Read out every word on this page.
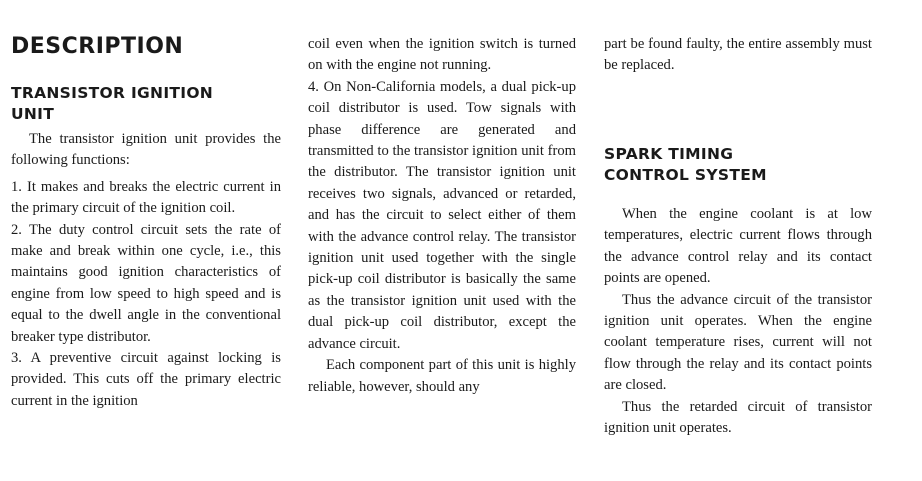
DESCRIPTION
TRANSISTOR IGNITION UNIT

The transistor ignition unit provides the following functions:

1. It makes and breaks the electric current in the primary circuit of the ignition coil.

2. The duty control circuit sets the rate of make and break within one cycle, i.e., this maintains good ignition characteristics of engine from low speed to high speed and is equal to the dwell angle in the conventional breaker type distributor.

3. A preventive circuit against locking is provided. This cuts off the primary electric current in the ignition

coil even when the ignition switch is turned on with the engine not running.

4. On Non-California models, a dual pick-up coil distributor is used. Tow signals with phase difference are generated and transmitted to the transistor ignition unit from the distributor. The transistor ignition unit receives two signals, advanced or retarded, and has the circuit to select either of them with the advance control relay. The transistor ignition unit used together with the single pick-up coil distributor is basically the same as the transistor ignition unit used with the dual pick-up coil distributor, except the advance circuit.

Each component part of this unit is highly reliable, however, should any

part be found faulty, the entire assembly must be replaced.

SPARK TIMING CONTROL SYSTEM

When the engine coolant is at low temperatures, electric current flows through the advance control relay and its contact points are opened.

Thus the advance circuit of the transistor ignition unit operates. When the engine coolant temperature rises, current will not flow through the relay and its contact points are closed.

Thus the retarded circuit of transistor ignition unit operates.
